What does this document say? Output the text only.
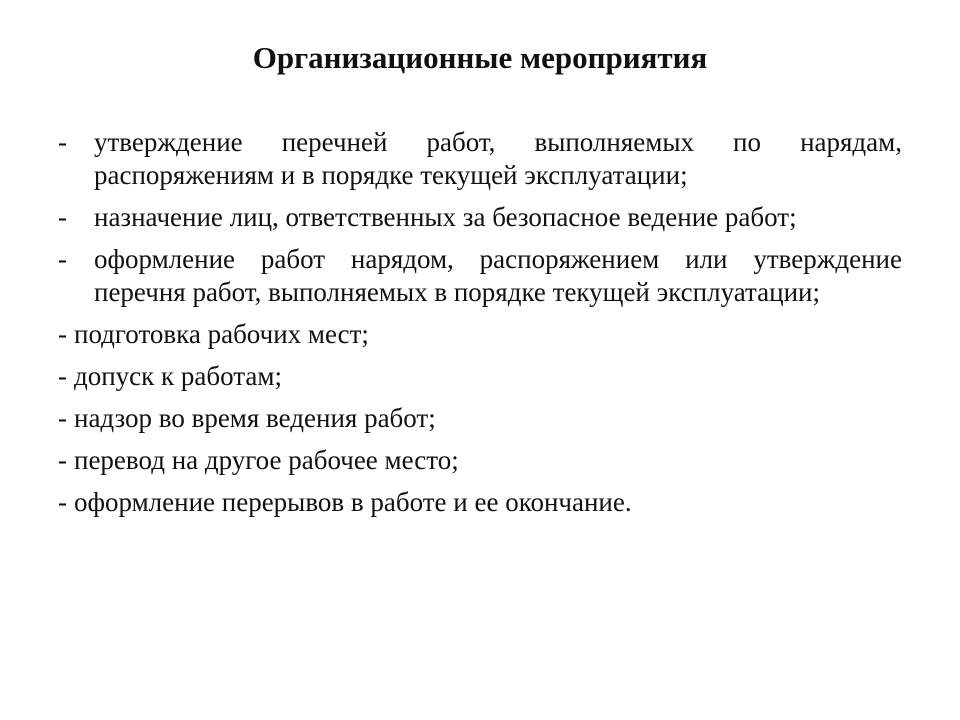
Организационные мероприятия
-	утверждение перечней работ, выполняемых по нарядам, распоряжениям и в порядке текущей эксплуатации;
-	назначение лиц, ответственных за безопасное ведение работ;
-	оформление работ нарядом, распоряжением или утверждение перечня работ, выполняемых в порядке текущей эксплуатации;
- подготовка рабочих мест;
- допуск к работам;
- надзор во время ведения работ;
- перевод на другое рабочее место;
- оформление перерывов в работе и ее окончание.
